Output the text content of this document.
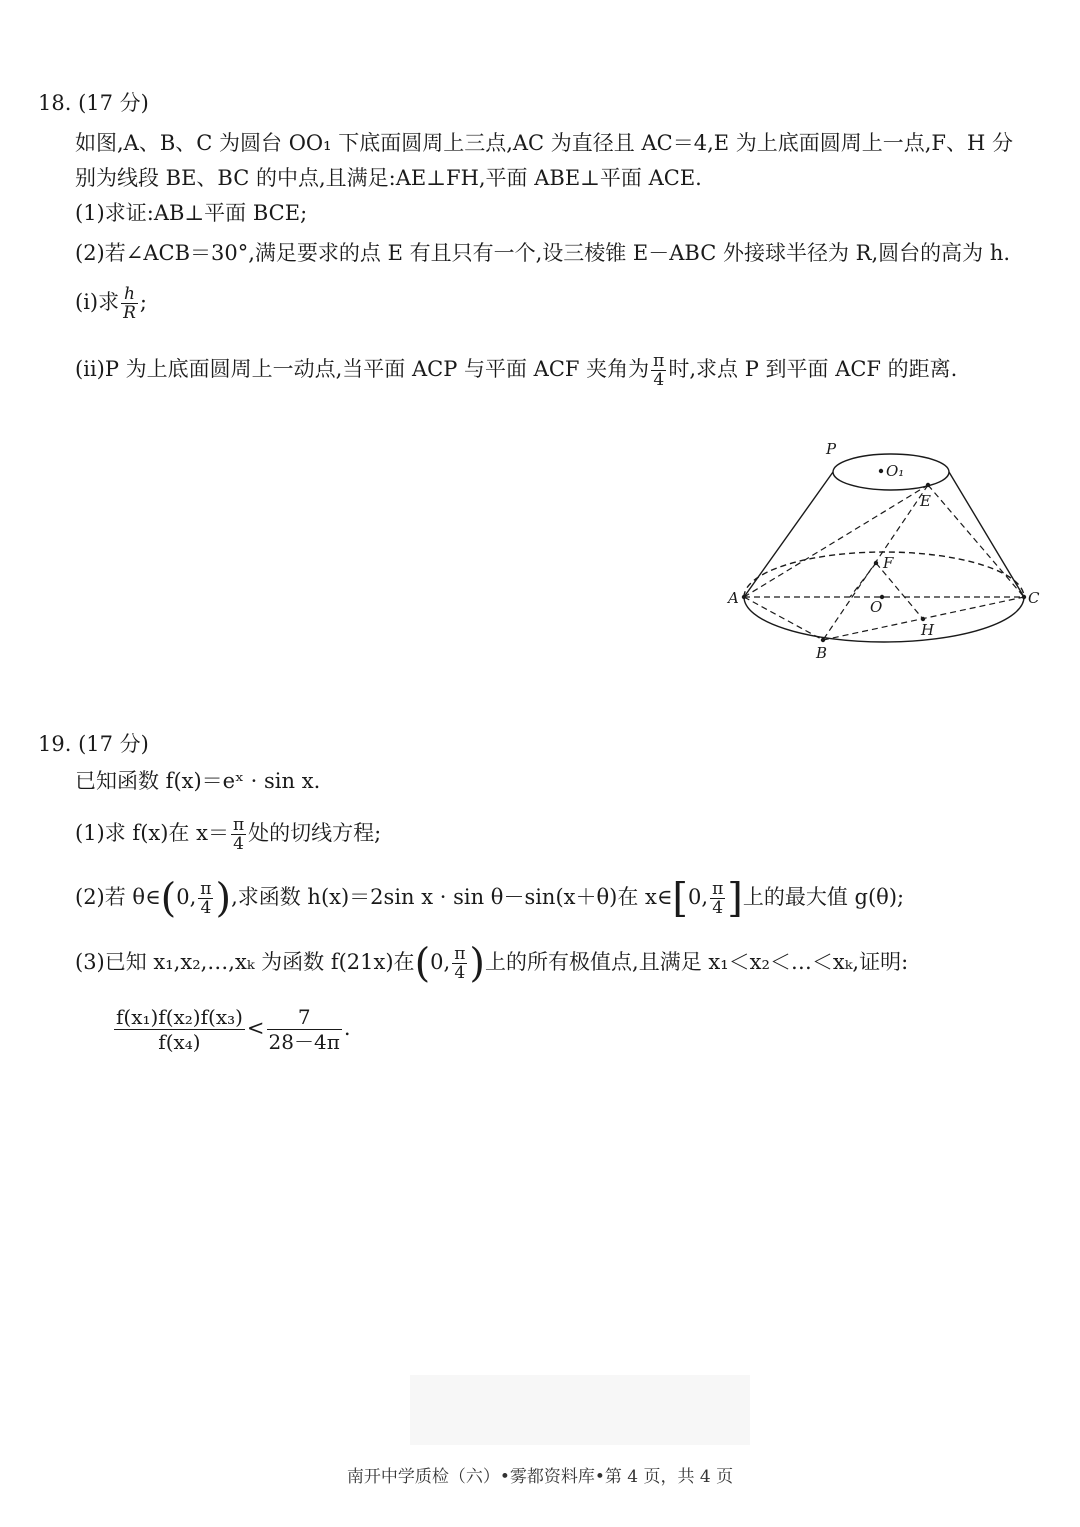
18. (17 分)
如图,A、B、C 为圆台 OO₁ 下底面圆周上三点,AC 为直径且 AC＝4,E 为上底面圆周上一点,F、H 分
别为线段 BE、BC 的中点,且满足:AE⊥FH,平面 ABE⊥平面 ACE.
(1)求证:AB⊥平面 BCE;
(2)若∠ACB＝30°,满足要求的点 E 有且只有一个,设三棱锥 E－ABC 外接球半径为 R,圆台的高为 h.
(ⅰ)求 $\frac{h}{R}$ ;
(ⅱ)P 为上底面圆周上一动点,当平面 ACP 与平面 ACF 夹角为 $\frac{\pi}{4}$ 时,求点 P 到平面 ACF 的距离.
P
O₁
E
F
A	O	C
H
B
19. (17 分)
已知函数 f(x)＝eˣ · sin x.
(1)求 f(x)在 $x= \frac{\pi}{4}$ 处的切线方程;
(2)若 θ∈(0, $\frac{\pi}{4}$ ),求函数 h(x)＝2sin x · sin θ－sin(x＋θ)在 x∈[0, $\frac{\pi}{4}$ ]上的最大值 g(θ);
(3)已知 x₁,x₂,…,xₖ 为函数 f(21x)在(0, $\frac{\pi}{4}$ )上的所有极值点,且满足 x₁＜x₂＜…＜xₖ,证明:
$\frac{\text{f(x₁)f(x₂)f(x₃)}}{\text{f(x₄)}} < \frac{7}{28-4\pi}$ .
南开中学质检（六）•雾都资料库•第 4 页，共 4 页
